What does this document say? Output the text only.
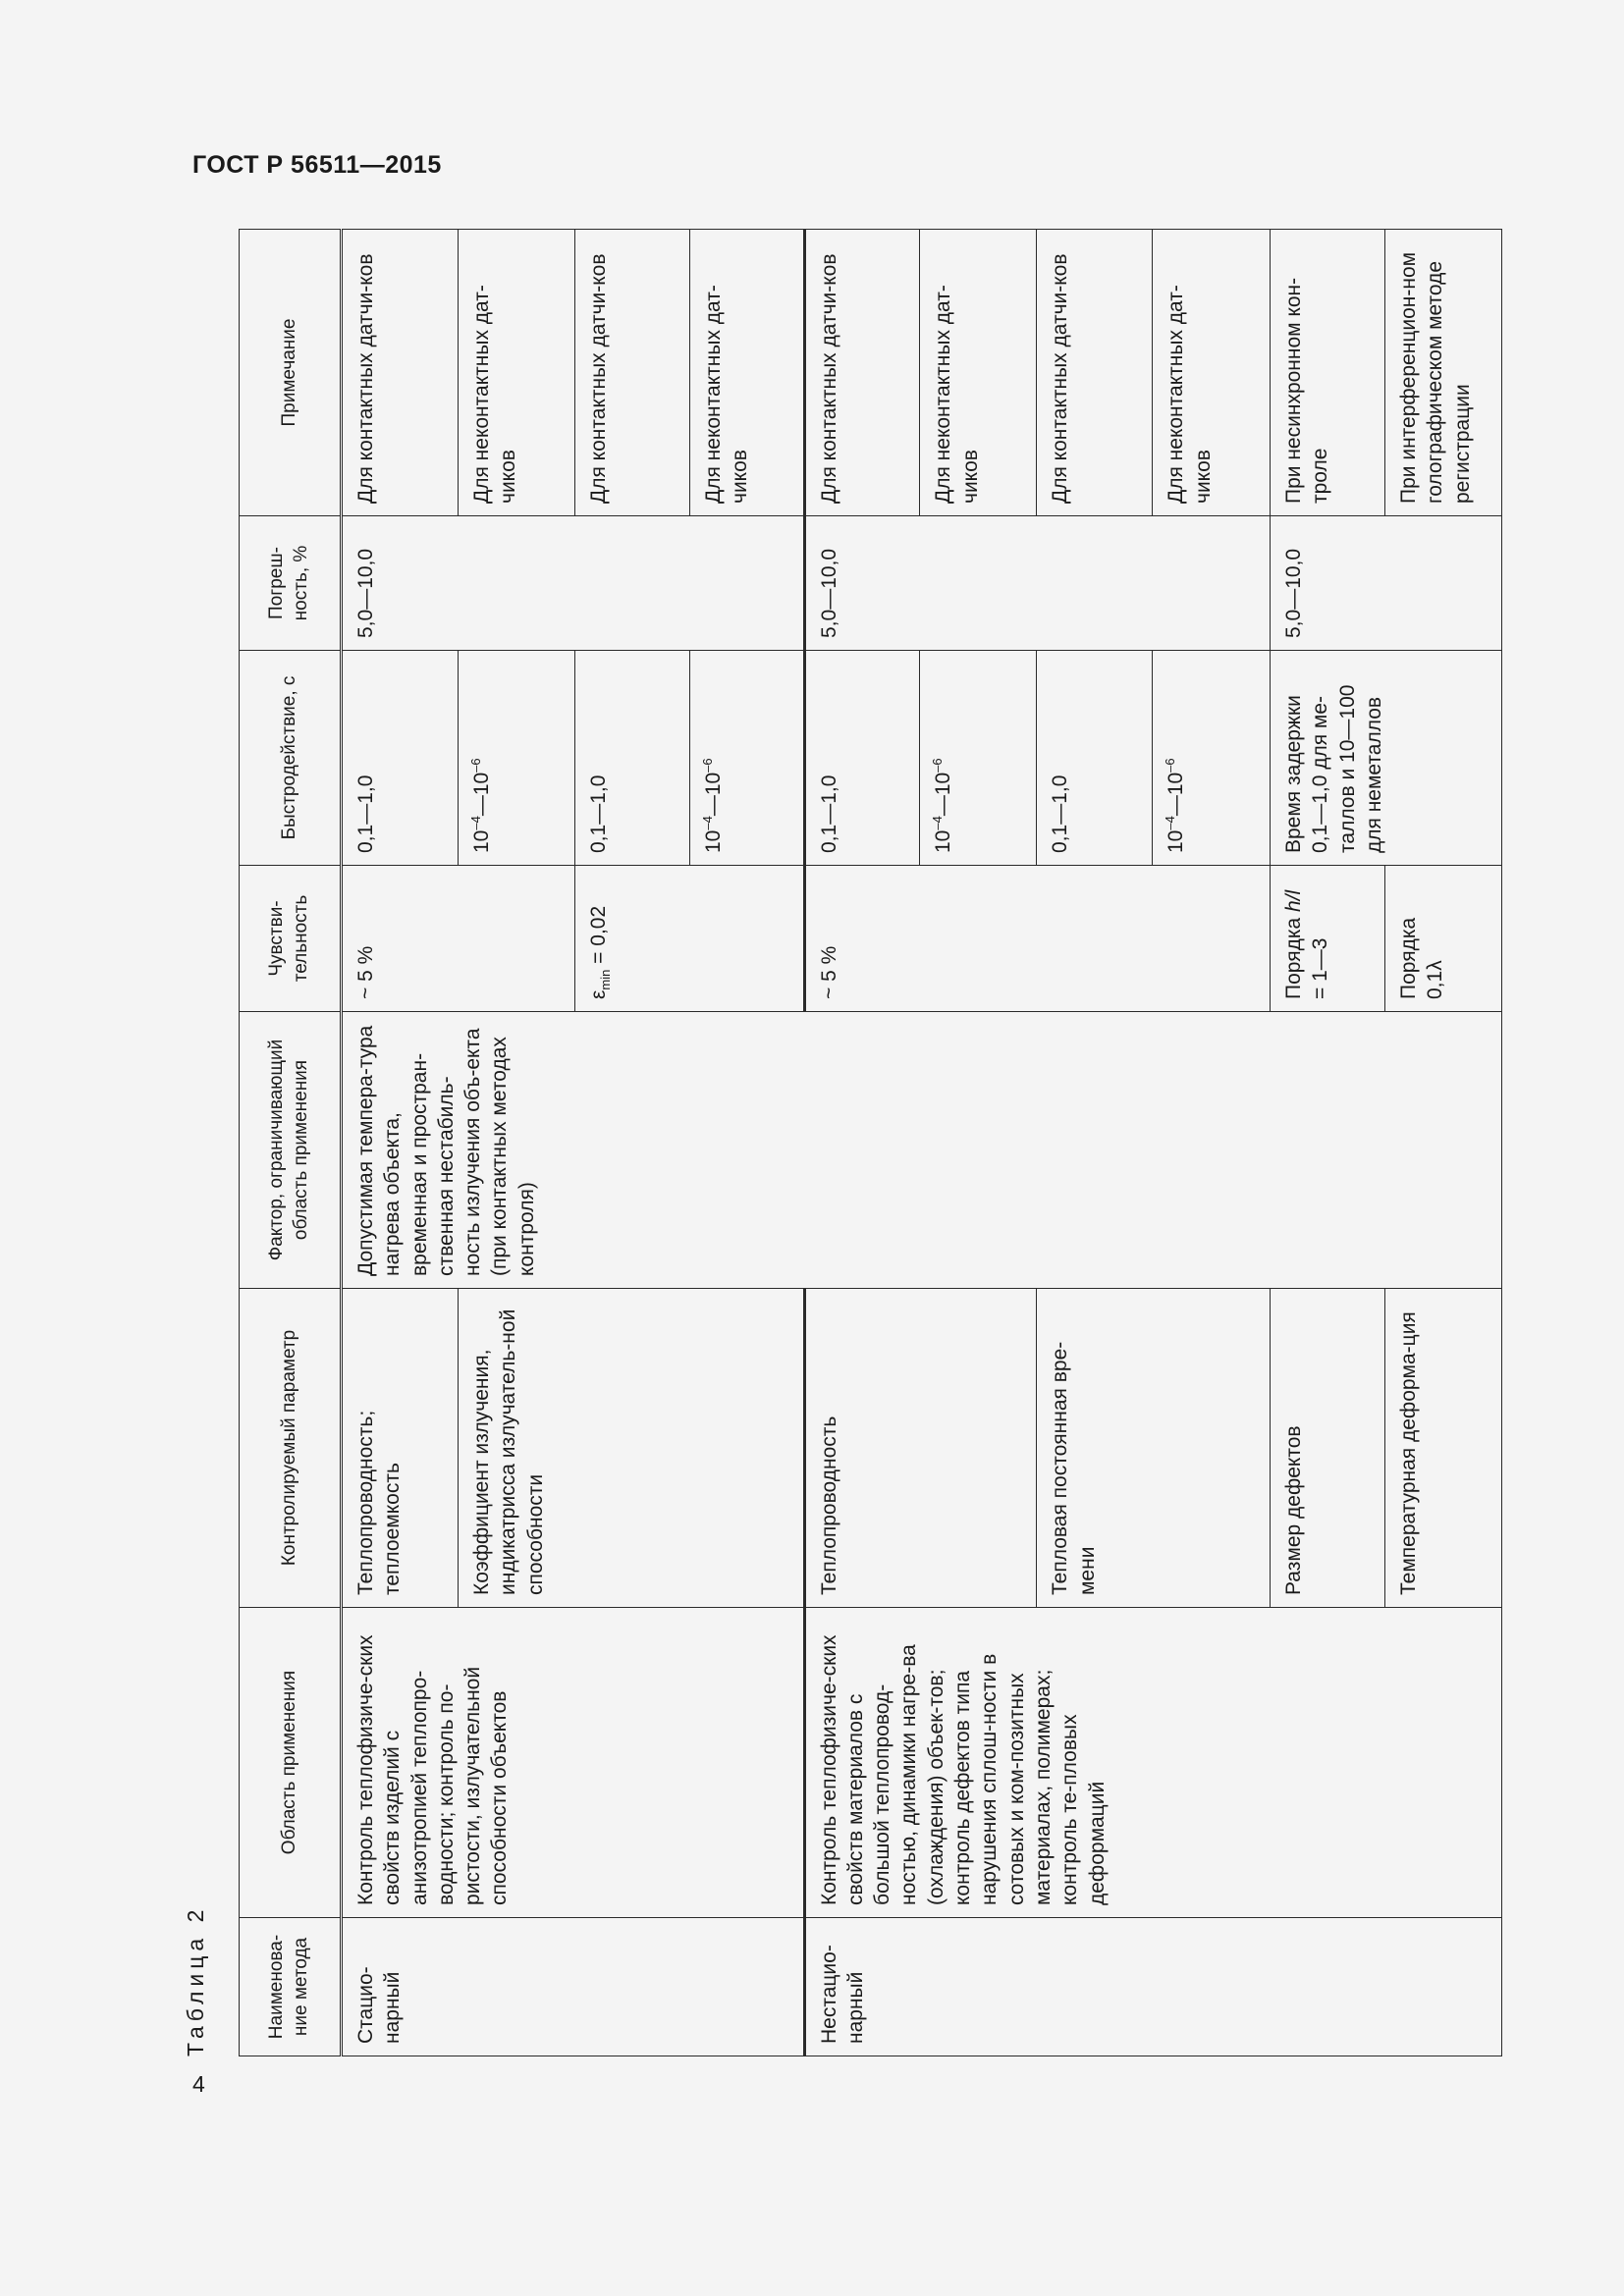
ГОСТ Р 56511—2015
4
Таблица 2	Наименова-ние метода	Область применения	Контролируемый параметр	Фактор, ограничивающий область применения	Чувстви-тельность	Быстродействие, с	Погреш-ность, %	Примечание
Стацио-нарный	Контроль теплофизиче-ских свойств изделий с анизотропией теплопро-водности; контроль по-ристости, излучательной способности объектов	Теплопроводность; теплоемкость	Допустимая темпера-тура нагрева объекта, временная и простран-ственная нестабиль-ность излучения объ-екта (при контактных методах контроля)	~ 5 %	0,1—1,0	5,0—10,0	Для контактных датчи-ков
		Коэффициент излучения, индикатрисса излучатель-ной способности			$10^{-4}—10^{-6}$		Для неконтактных дат-чиков
				$\varepsilon_{min} = 0,02$	0,1—1,0		Для контактных датчи-ков
					$10^{-4}—10^{-6}$		Для неконтактных дат-чиков
Нестацио-нарный	Контроль теплофизиче-ских свойств материалов с большой теплопровод-ностью, динамики нагре-ва (охлаждения) объек-тов; контроль дефектов типа нарушения сплош-ности в сотовых и ком-позитных материалах, полимерах; контроль те-пловых деформаций	Теплопроводность		~ 5 %	0,1—1,0	5,0—10,0	Для контактных датчи-ков
					$10^{-4}—10^{-6}$		Для неконтактных дат-чиков
		Тепловая постоянная вре-мени			0,1—1,0		Для контактных датчи-ков
					$10^{-4}—10^{-6}$		Для неконтактных дат-чиков
		Размер дефектов		Порядка h/l = 1—3	Время задержки 0,1—1,0 для ме-таллов и 10—100 для неметаллов	5,0—10,0	При несинхронном кон-троле
		Температурная деформа-ция		Порядка 0,1λ			При интерференцион-ном голографическом методе регистрации
